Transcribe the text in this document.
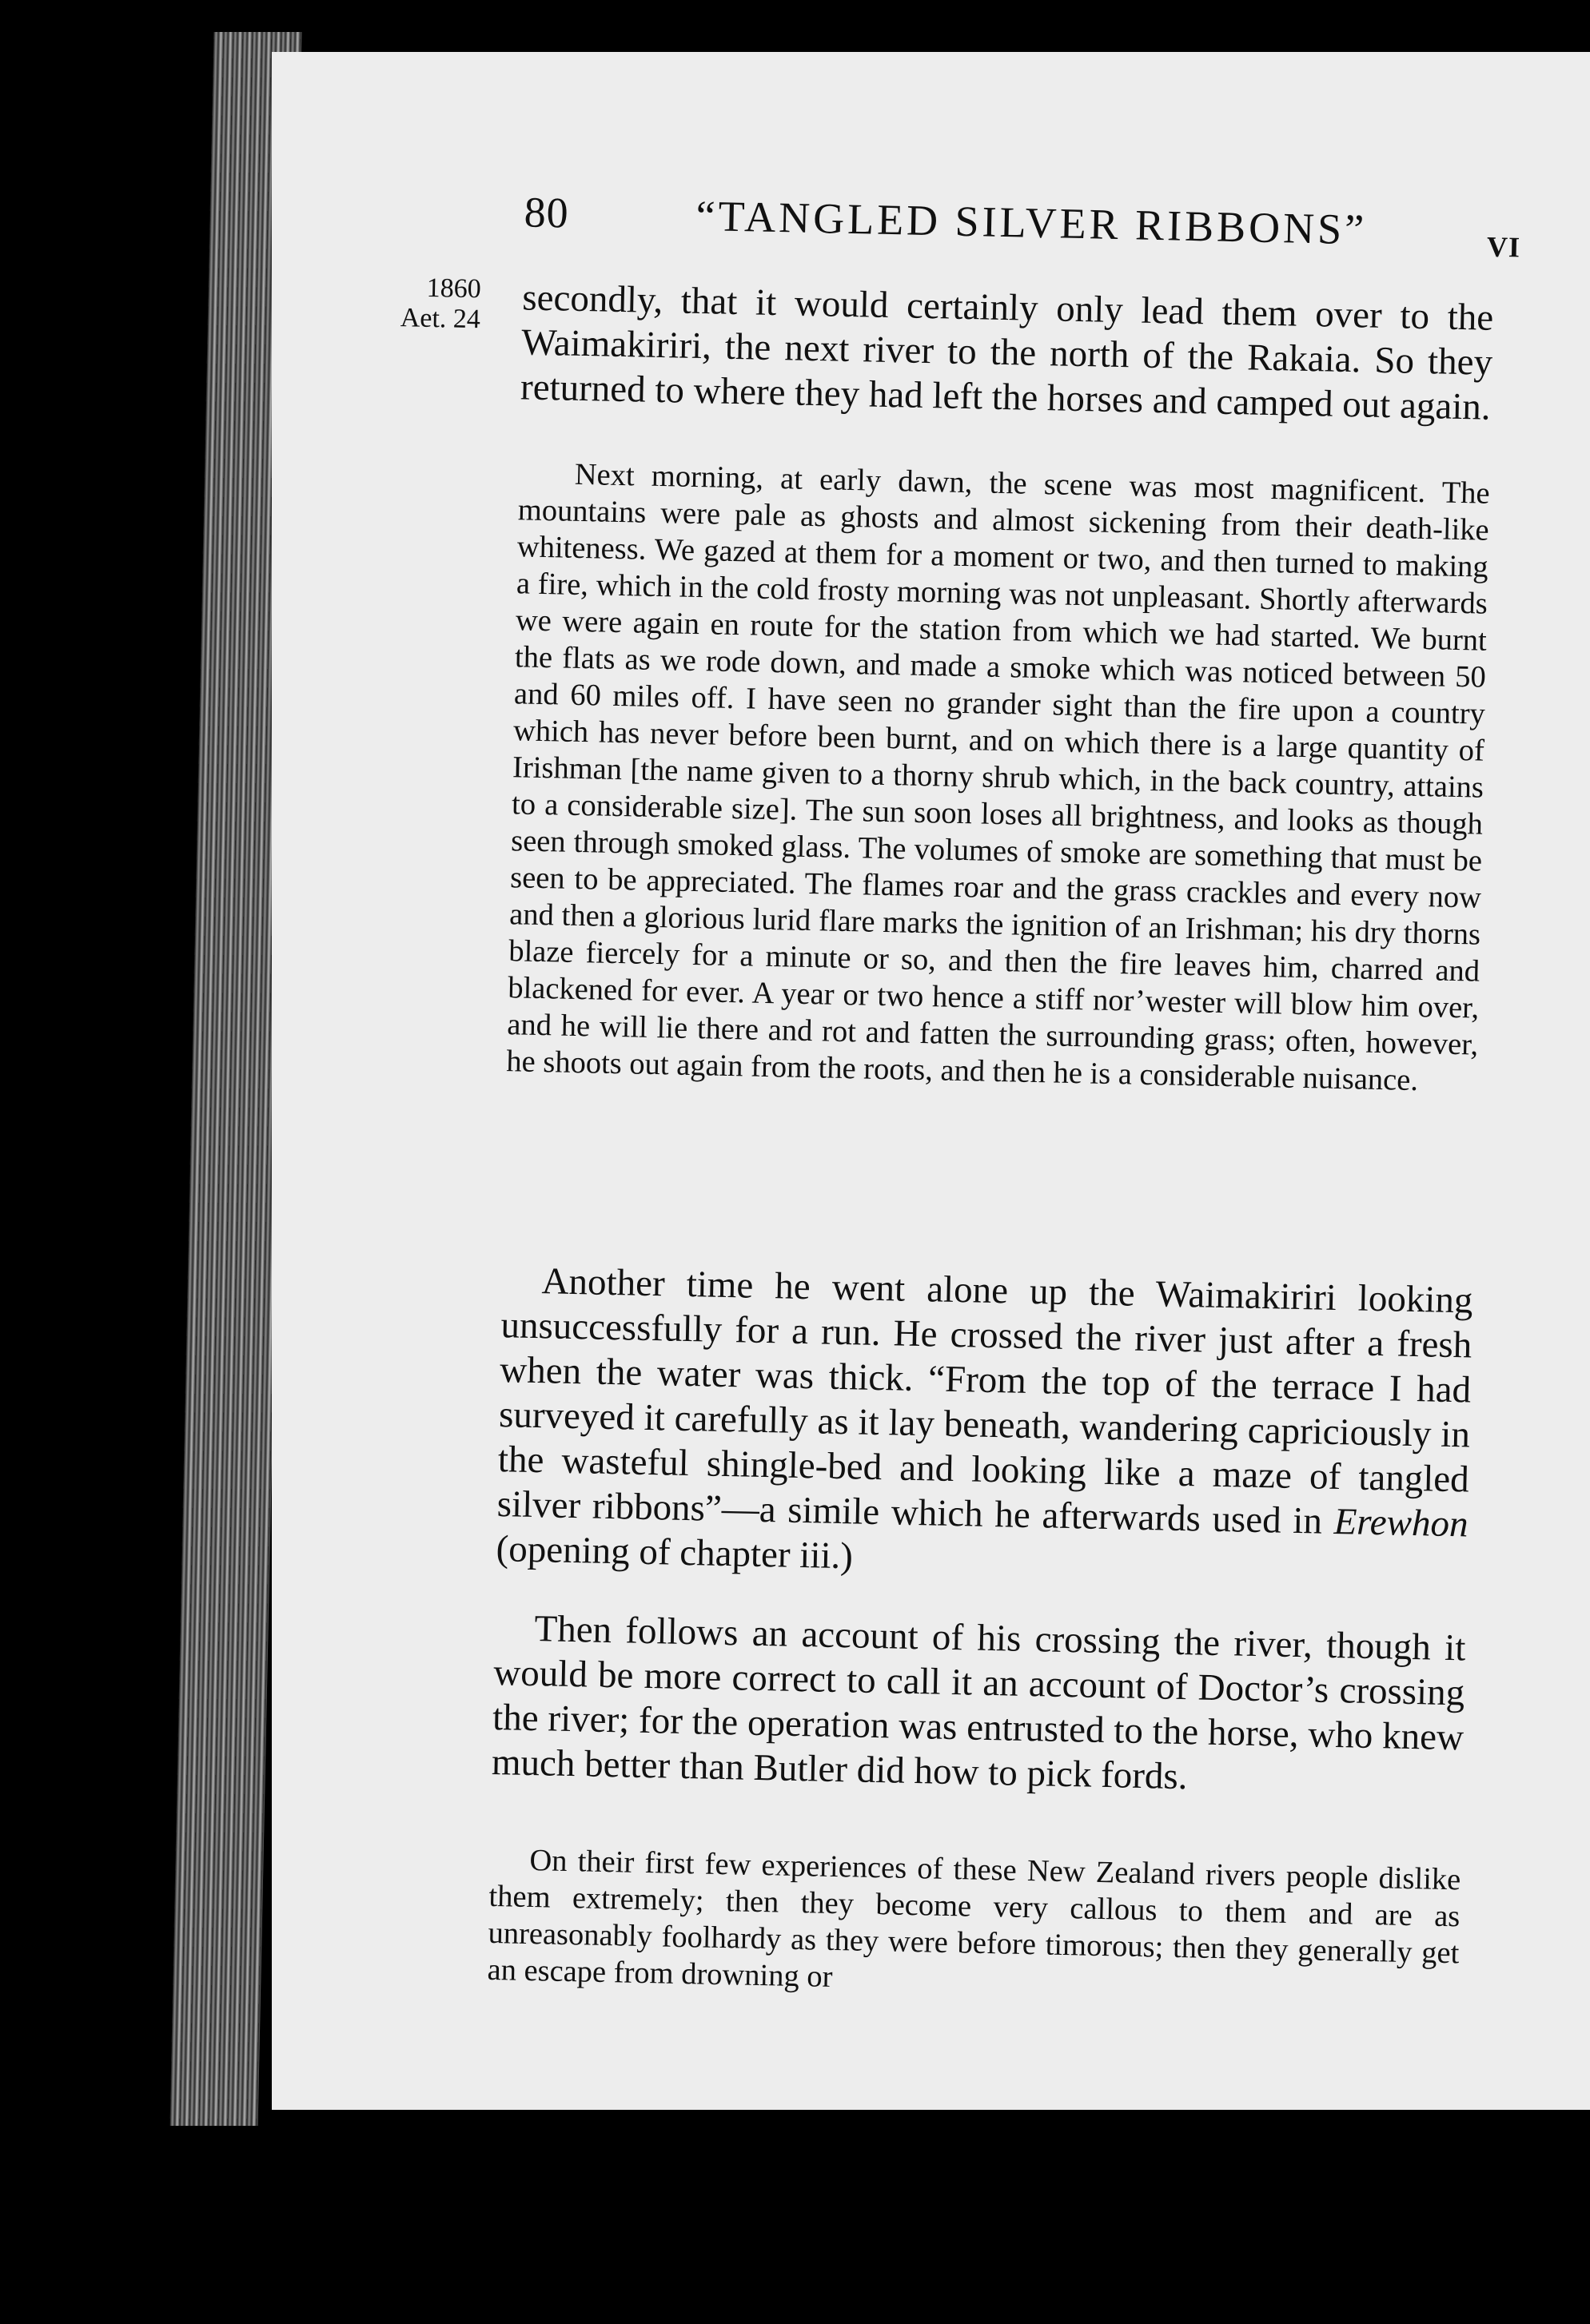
80	“TANGLED SILVER RIBBONS”	VI
1860
Aet. 24 secondly, that it would certainly only lead them over to the Waimakiriri, the next river to the north of the Rakaia. So they returned to where they had left the horses and camped out again.

Next morning, at early dawn, the scene was most magnificent. The mountains were pale as ghosts and almost sickening from their death-like whiteness. We gazed at them for a moment or two, and then turned to making a fire, which in the cold frosty morning was not unpleasant. Shortly afterwards we were again en route for the station from which we had started. We burnt the flats as we rode down, and made a smoke which was noticed between 50 and 60 miles off. I have seen no grander sight than the fire upon a country which has never before been burnt, and on which there is a large quantity of Irishman [the name given to a thorny shrub which, in the back country, attains to a considerable size]. The sun soon loses all brightness, and looks as though seen through smoked glass. The volumes of smoke are something that must be seen to be appreciated. The flames roar and the grass crackles and every now and then a glorious lurid flare marks the ignition of an Irishman; his dry thorns blaze fiercely for a minute or so, and then the fire leaves him, charred and blackened for ever. A year or two hence a stiff nor’wester will blow him over, and he will lie there and rot and fatten the surrounding grass; often, however, he shoots out again from the roots, and then he is a considerable nuisance.

Another time he went alone up the Waimakiriri looking unsuccessfully for a run. He crossed the river just after a fresh when the water was thick. “From the top of the terrace I had surveyed it carefully as it lay beneath, wandering capriciously in the wasteful shingle-bed and looking like a maze of tangled silver ribbons”—a simile which he afterwards used in Erewhon (opening of chapter iii.)

Then follows an account of his crossing the river, though it would be more correct to call it an account of Doctor’s crossing the river; for the operation was entrusted to the horse, who knew much better than Butler did how to pick fords.

On their first few experiences of these New Zealand rivers people dislike them extremely; then they become very callous to them and are as unreasonably foolhardy as they were before timorous; then they generally get an escape from drowning or
